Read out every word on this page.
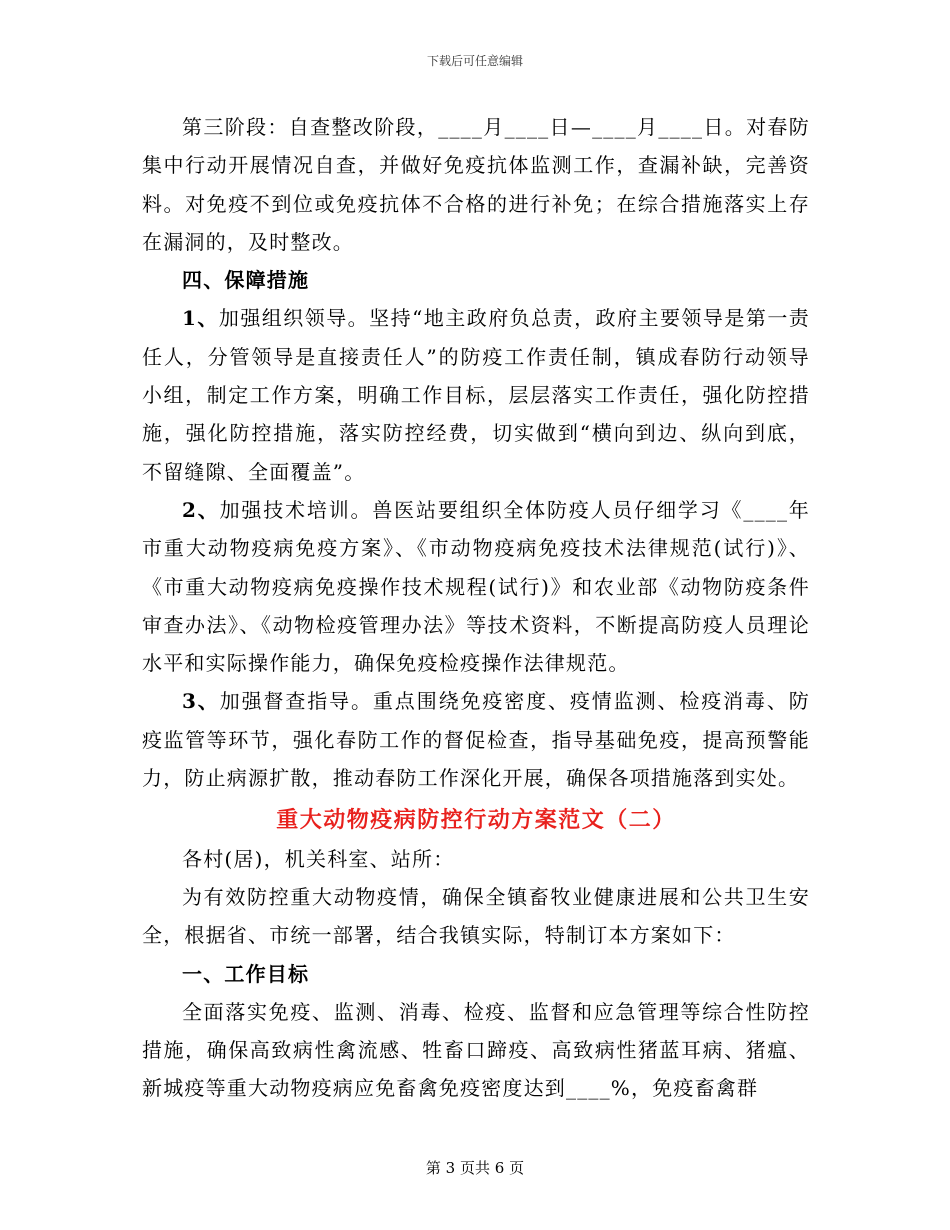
下载后可任意编辑

第三阶段：自查整改阶段，____月____日—____月____日。对春防集中行动开展情况自查，并做好免疫抗体监测工作，查漏补缺，完善资料。对免疫不到位或免疫抗体不合格的进行补免；在综合措施落实上存在漏洞的，及时整改。

四、保障措施

1、加强组织领导。坚持“地主政府负总责，政府主要领导是第一责任人，分管领导是直接责任人”的防疫工作责任制，镇成春防行动领导小组，制定工作方案，明确工作目标，层层落实工作责任，强化防控措施，强化防控措施，落实防控经费，切实做到“横向到边、纵向到底，不留缝隙、全面覆盖”。

2、加强技术培训。兽医站要组织全体防疫人员仔细学习《____年市重大动物疫病免疫方案》、《市动物疫病免疫技术法律规范(试行)》、《市重大动物疫病免疫操作技术规程(试行)》和农业部《动物防疫条件审查办法》、《动物检疫管理办法》等技术资料，不断提高防疫人员理论水平和实际操作能力，确保免疫检疫操作法律规范。

3、加强督查指导。重点围绕免疫密度、疫情监测、检疫消毒、防疫监管等环节，强化春防工作的督促检查，指导基础免疫，提高预警能力，防止病源扩散，推动春防工作深化开展，确保各项措施落到实处。

重大动物疫病防控行动方案范文（二）

各村(居)，机关科室、站所：

为有效防控重大动物疫情，确保全镇畜牧业健康进展和公共卫生安全，根据省、市统一部署，结合我镇实际，特制订本方案如下：

一、工作目标

全面落实免疫、监测、消毒、检疫、监督和应急管理等综合性防控措施，确保高致病性禽流感、牲畜口蹄疫、高致病性猪蓝耳病、猪瘟、新城疫等重大动物疫病应免畜禽免疫密度达到____%，免疫畜禽群

第 3 页共 6 页
